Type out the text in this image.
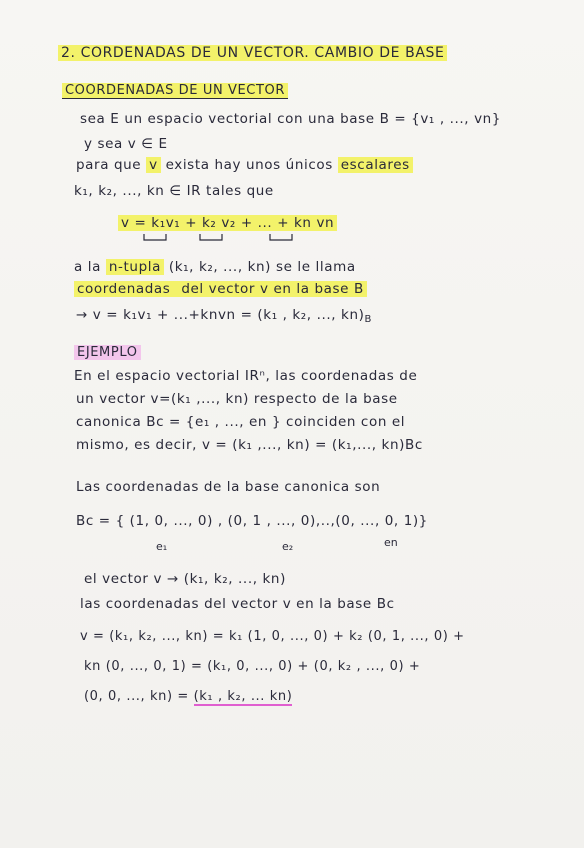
2. CORDENADAS DE UN VECTOR. CAMBIO DE BASE
COORDENADAS DE UN VECTOR
sea E un espacio vectorial con una base B = {v₁ , ..., vn}
y sea v ∈ E
para que v exista hay unos únicos escalares
k₁, k₂, ..., kn ∈ IR tales que
v = k₁v₁ + k₂ v₂ + ... + kn vn
a la n-tupla (k₁, k₂, ..., kn) se le llama
coordenadas del vector v en la base B
→ v = k₁v₁ + ...+knvn = (k₁ , k₂, ..., $kn)_B$
EJEMPLO
En el espacio vectorial IRⁿ, las coordenadas de
un vector v=(k₁ ,..., kn) respecto de la base
canonica Bc = {e₁ , ..., en } coinciden con el
mismo, es decir, v = (k₁ ,..., kn) = (k₁,..., kn)Bc
Las coordenadas de la base canonica son
Bc = { (1, 0, ..., 0) , (0, 1 , ..., 0),..,(0, ..., 0, 1)}
e₁	e₂	en
el vector v → (k₁, k₂, ..., kn)
las coordenadas del vector v en la base Bc
v = (k₁, k₂, ..., kn) = k₁ (1, 0, ..., 0) + k₂ (0, 1, ..., 0) +
kn (0, ..., 0, 1) = (k₁, 0, ..., 0) + (0, k₂ , ..., 0) +
(0, 0, ..., kn) = (k₁ , k₂, ... kn)
